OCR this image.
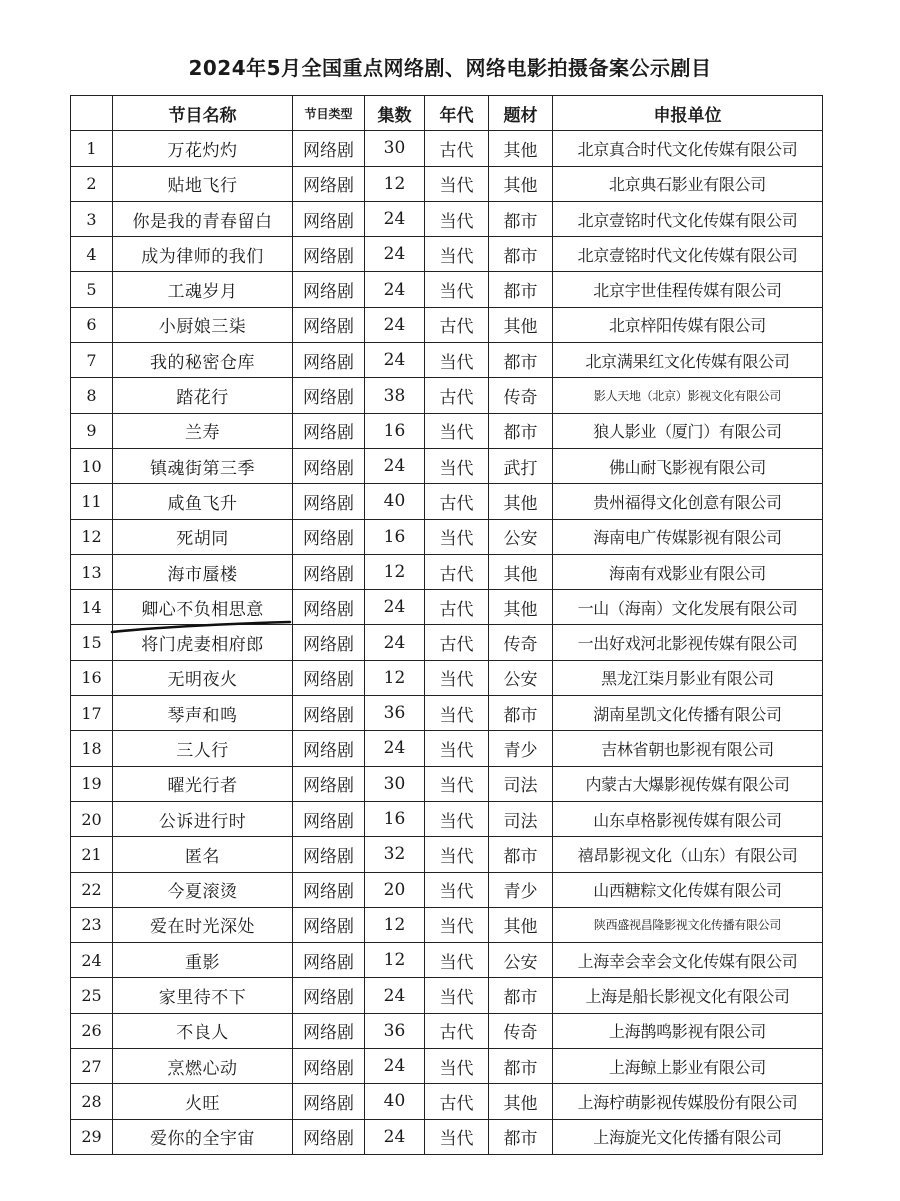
2024年5月全国重点网络剧、网络电影拍摄备案公示剧目
	节目名称	节目类型	集数	年代	题材	申报单位
1	万花灼灼	网络剧	30	古代	其他	北京真合时代文化传媒有限公司
2	贴地飞行	网络剧	12	当代	其他	北京典石影业有限公司
3	你是我的青春留白	网络剧	24	当代	都市	北京壹铭时代文化传媒有限公司
4	成为律师的我们	网络剧	24	当代	都市	北京壹铭时代文化传媒有限公司
5	工魂岁月	网络剧	24	当代	都市	北京宇世佳程传媒有限公司
6	小厨娘三柒	网络剧	24	古代	其他	北京梓阳传媒有限公司
7	我的秘密仓库	网络剧	24	当代	都市	北京满果红文化传媒有限公司
8	踏花行	网络剧	38	古代	传奇	影人天地（北京）影视文化有限公司
9	兰寿	网络剧	16	当代	都市	狼人影业（厦门）有限公司
10	镇魂街第三季	网络剧	24	当代	武打	佛山耐飞影视有限公司
11	咸鱼飞升	网络剧	40	古代	其他	贵州福得文化创意有限公司
12	死胡同	网络剧	16	当代	公安	海南电广传媒影视有限公司
13	海市蜃楼	网络剧	12	古代	其他	海南有戏影业有限公司
14	卿心不负相思意	网络剧	24	古代	其他	一山（海南）文化发展有限公司
15	将门虎妻相府郎	网络剧	24	古代	传奇	一出好戏河北影视传媒有限公司
16	无明夜火	网络剧	12	当代	公安	黑龙江柒月影业有限公司
17	琴声和鸣	网络剧	36	当代	都市	湖南星凯文化传播有限公司
18	三人行	网络剧	24	当代	青少	吉林省朝也影视有限公司
19	曜光行者	网络剧	30	当代	司法	内蒙古大爆影视传媒有限公司
20	公诉进行时	网络剧	16	当代	司法	山东卓格影视传媒有限公司
21	匿名	网络剧	32	当代	都市	禧昂影视文化（山东）有限公司
22	今夏滚烫	网络剧	20	当代	青少	山西糖粽文化传媒有限公司
23	爱在时光深处	网络剧	12	当代	其他	陕西盛视昌隆影视文化传播有限公司
24	重影	网络剧	12	当代	公安	上海幸会幸会文化传媒有限公司
25	家里待不下	网络剧	24	当代	都市	上海是船长影视文化有限公司
26	不良人	网络剧	36	古代	传奇	上海鹊鸣影视有限公司
27	烹燃心动	网络剧	24	当代	都市	上海鲸上影业有限公司
28	火旺	网络剧	40	古代	其他	上海柠萌影视传媒股份有限公司
29	爱你的全宇宙	网络剧	24	当代	都市	上海旋光文化传播有限公司
